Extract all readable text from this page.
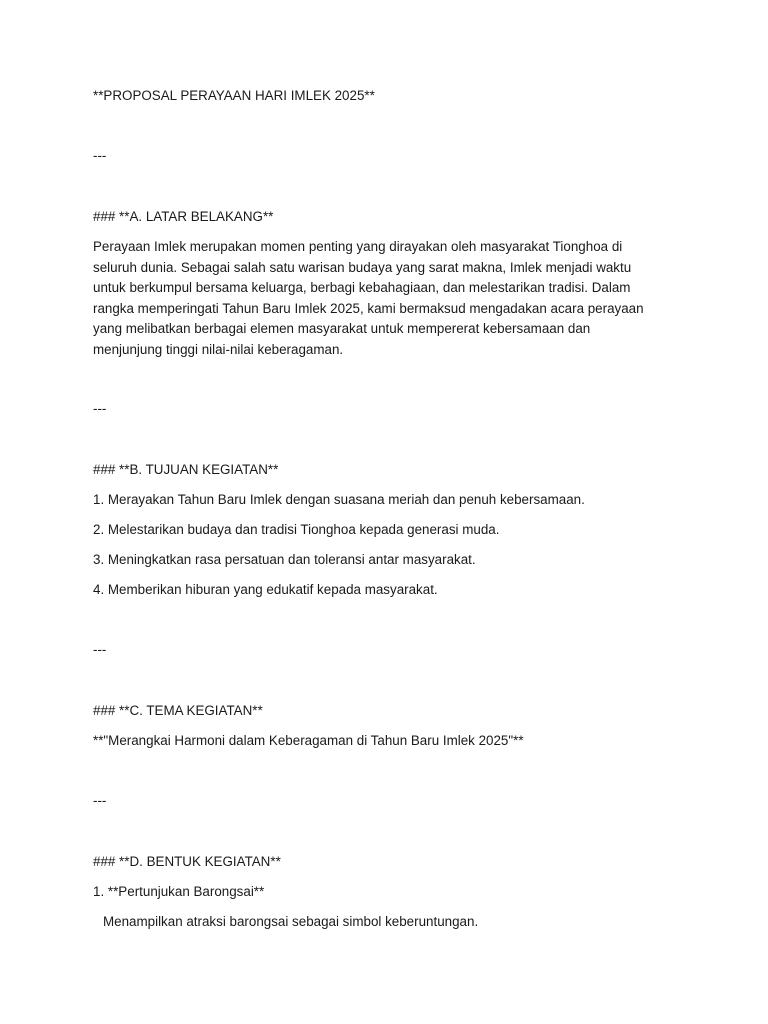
**PROPOSAL PERAYAAN HARI IMLEK 2025**
---
### **A. LATAR BELAKANG**
Perayaan Imlek merupakan momen penting yang dirayakan oleh masyarakat Tionghoa di
seluruh dunia. Sebagai salah satu warisan budaya yang sarat makna, Imlek menjadi waktu
untuk berkumpul bersama keluarga, berbagi kebahagiaan, dan melestarikan tradisi. Dalam
rangka memperingati Tahun Baru Imlek 2025, kami bermaksud mengadakan acara perayaan
yang melibatkan berbagai elemen masyarakat untuk mempererat kebersamaan dan
menjunjung tinggi nilai-nilai keberagaman.
---
### **B. TUJUAN KEGIATAN**
1. Merayakan Tahun Baru Imlek dengan suasana meriah dan penuh kebersamaan.
2. Melestarikan budaya dan tradisi Tionghoa kepada generasi muda.
3. Meningkatkan rasa persatuan dan toleransi antar masyarakat.
4. Memberikan hiburan yang edukatif kepada masyarakat.
---
### **C. TEMA KEGIATAN**
**"Merangkai Harmoni dalam Keberagaman di Tahun Baru Imlek 2025"**
---
### **D. BENTUK KEGIATAN**
1. **Pertunjukan Barongsai**
Menampilkan atraksi barongsai sebagai simbol keberuntungan.
